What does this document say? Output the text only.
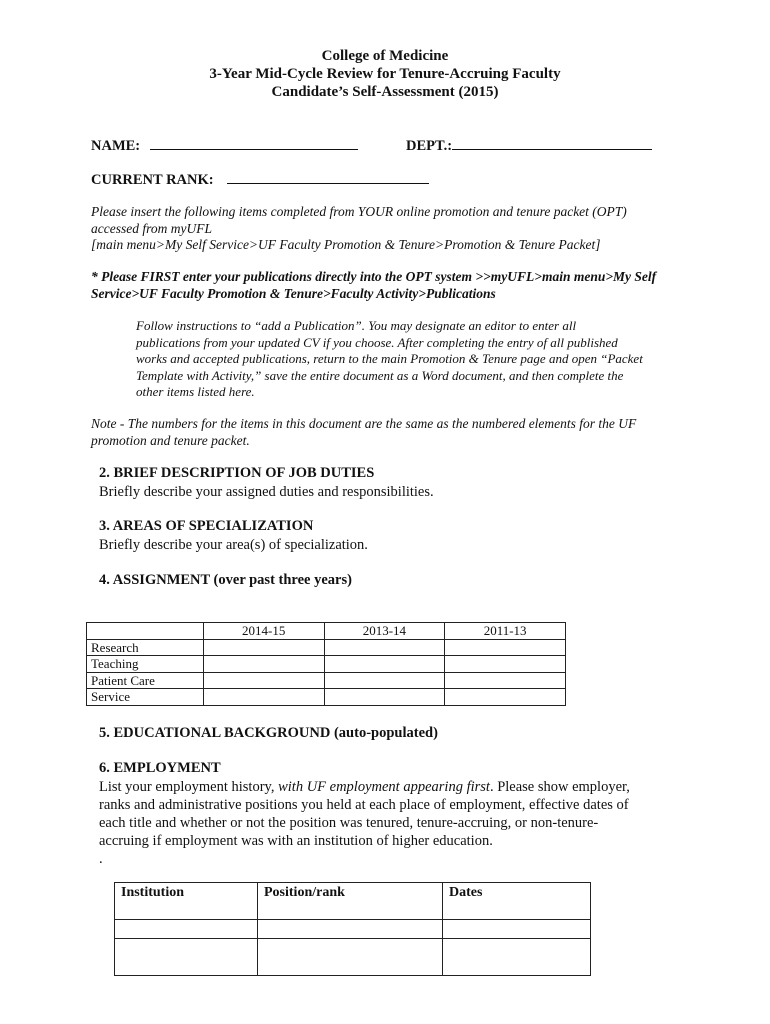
College of Medicine
3-Year Mid-Cycle Review for Tenure-Accruing Faculty
Candidate’s Self-Assessment (2015)
NAME:	DEPT.:
CURRENT RANK:
Please insert the following items completed from YOUR online promotion and tenure packet (OPT)
accessed from myUFL
[main menu>My Self Service>UF Faculty Promotion & Tenure>Promotion & Tenure Packet]
* Please FIRST enter your publications directly into the OPT system >>myUFL>main menu>My Self
Service>UF Faculty Promotion & Tenure>Faculty Activity>Publications
Follow instructions to “add a Publication”. You may designate an editor to enter all
publications from your updated CV if you choose. After completing the entry of all published
works and accepted publications, return to the main Promotion & Tenure page and open “Packet
Template with Activity,” save the entire document as a Word document, and then complete the
other items listed here.
Note - The numbers for the items in this document are the same as the numbered elements for the UF
promotion and tenure packet.
2. BRIEF DESCRIPTION OF JOB DUTIES
Briefly describe your assigned duties and responsibilities.
3. AREAS OF SPECIALIZATION
Briefly describe your area(s) of specialization.
4. ASSIGNMENT (over past three years)
	2014-15	2013-14	2011-13
Research			
Teaching			
Patient Care			
Service			
5. EDUCATIONAL BACKGROUND (auto-populated)
6. EMPLOYMENT
List your employment history, with UF employment appearing first. Please show employer,
ranks and administrative positions you held at each place of employment, effective dates of
each title and whether or not the position was tenured, tenure-accruing, or non-tenure-
accruing if employment was with an institution of higher education.
.
Institution	Position/rank	Dates
